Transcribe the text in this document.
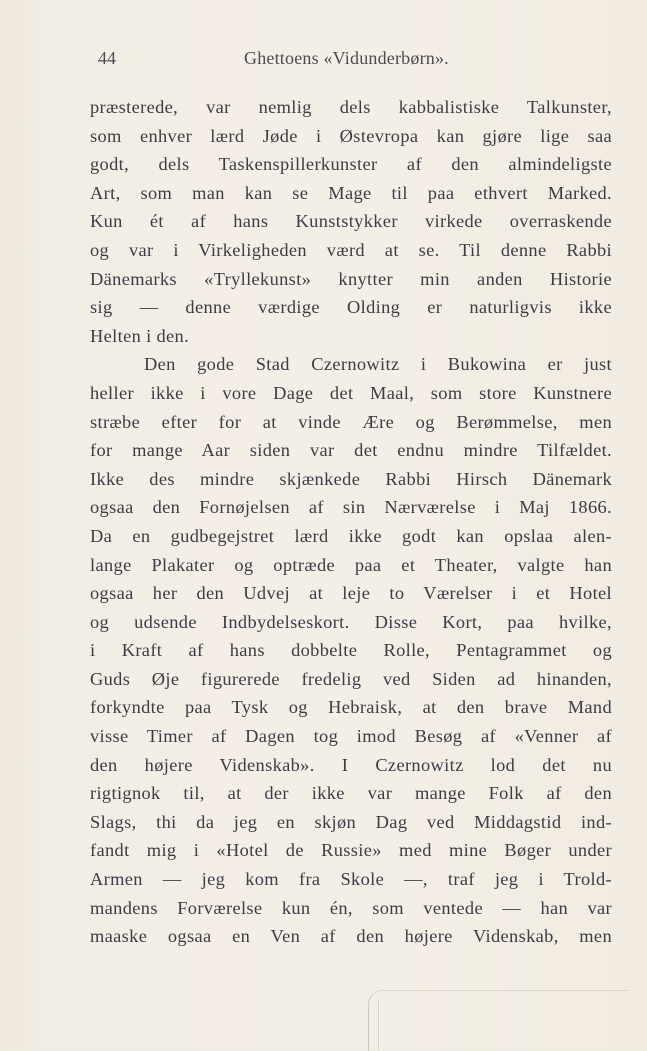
44	Ghettoens «Vidunderbørn».
præsterede, var nemlig dels kabbalistiske Talkunster,
som enhver lærd Jøde i Østevropa kan gjøre lige saa
godt, dels Taskenspillerkunster af den almindeligste
Art, som man kan se Mage til paa ethvert Marked.
Kun ét af hans Kunststykker virkede overraskende
og var i Virkeligheden værd at se. Til denne Rabbi
Dänemarks «Tryllekunst» knytter min anden Historie
sig — denne værdige Olding er naturligvis ikke
Helten i den.
Den gode Stad Czernowitz i Bukowina er just
heller ikke i vore Dage det Maal, som store Kunstnere
stræbe efter for at vinde Ære og Berømmelse, men
for mange Aar siden var det endnu mindre Tilfældet.
Ikke des mindre skjænkede Rabbi Hirsch Dänemark
ogsaa den Fornøjelsen af sin Nærværelse i Maj 1866.
Da en gudbegejstret lærd ikke godt kan opslaa alen-
lange Plakater og optræde paa et Theater, valgte han
ogsaa her den Udvej at leje to Værelser i et Hotel
og udsende Indbydelseskort. Disse Kort, paa hvilke,
i Kraft af hans dobbelte Rolle, Pentagrammet og
Guds Øje figurerede fredelig ved Siden ad hinanden,
forkyndte paa Tysk og Hebraisk, at den brave Mand
visse Timer af Dagen tog imod Besøg af «Venner af
den højere Videnskab». I Czernowitz lod det nu
rigtignok til, at der ikke var mange Folk af den
Slags, thi da jeg en skjøn Dag ved Middagstid ind-
fandt mig i «Hotel de Russie» med mine Bøger under
Armen — jeg kom fra Skole —, traf jeg i Trold-
mandens Forværelse kun én, som ventede — han var
maaske ogsaa en Ven af den højere Videnskab, men
